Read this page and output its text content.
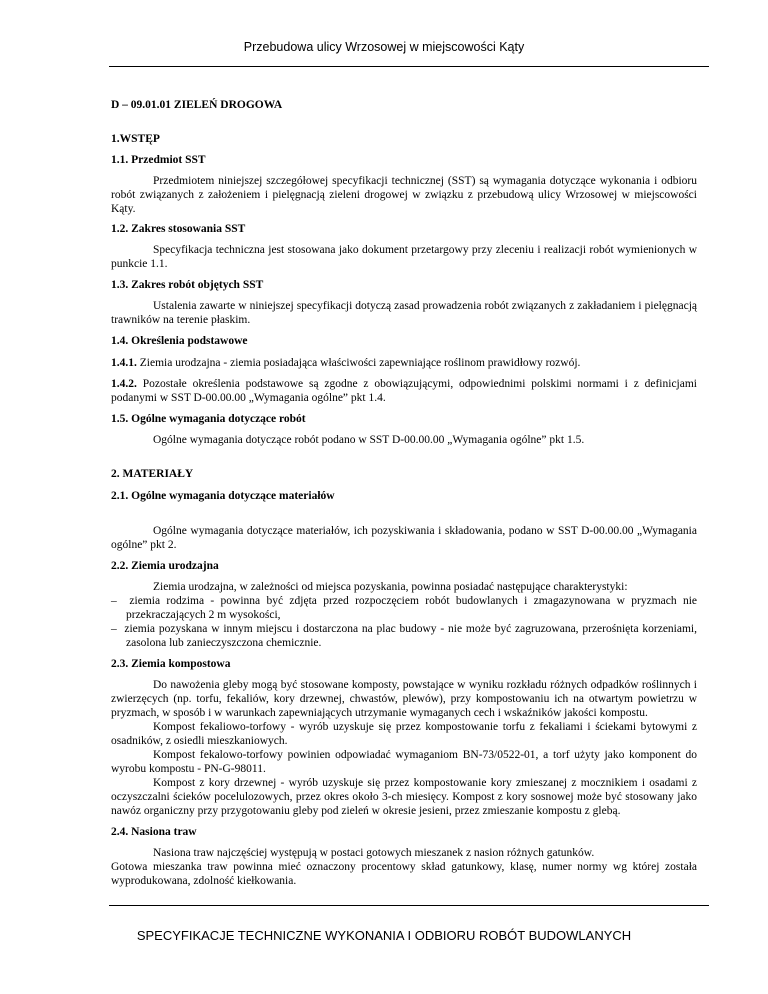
Przebudowa ulicy Wrzosowej w miejscowości Kąty

D – 09.01.01 ZIELEŃ DROGOWA

1.WSTĘP

1.1. Przedmiot SST

Przedmiotem niniejszej szczegółowej specyfikacji technicznej (SST) są wymagania dotyczące wykonania i odbioru robót związanych z założeniem i pielęgnacją zieleni drogowej w związku z przebudową ulicy Wrzosowej w miejscowości Kąty.

1.2. Zakres stosowania SST

Specyfikacja techniczna jest stosowana jako dokument przetargowy przy zleceniu i realizacji robót wymienionych w punkcie 1.1.

1.3. Zakres robót objętych SST

Ustalenia zawarte w niniejszej specyfikacji dotyczą zasad prowadzenia robót związanych z zakładaniem i pielęgnacją trawników na terenie płaskim.

1.4. Określenia podstawowe

1.4.1. Ziemia urodzajna - ziemia posiadająca właściwości zapewniające roślinom prawidłowy rozwój.

1.4.2. Pozostałe określenia podstawowe są zgodne z obowiązującymi, odpowiednimi polskimi normami i z definicjami podanymi w SST D-00.00.00 „Wymagania ogólne” pkt 1.4.

1.5. Ogólne wymagania dotyczące robót

Ogólne wymagania dotyczące robót podano w SST D-00.00.00 „Wymagania ogólne” pkt 1.5.

2. MATERIAŁY

2.1. Ogólne wymagania dotyczące materiałów

Ogólne wymagania dotyczące materiałów, ich pozyskiwania i składowania, podano w SST D-00.00.00 „Wymagania ogólne” pkt 2.

2.2. Ziemia urodzajna

Ziemia urodzajna, w zależności od miejsca pozyskania, powinna posiadać następujące charakterystyki:

–  ziemia rodzima - powinna być zdjęta przed rozpoczęciem robót budowlanych i zmagazynowana w pryzmach nie przekraczających 2 m wysokości,

–  ziemia pozyskana w innym miejscu i dostarczona na plac budowy - nie może być zagruzowana, przerośnięta korzeniami, zasolona lub zanieczyszczona chemicznie.

2.3. Ziemia kompostowa

Do nawożenia gleby mogą być stosowane komposty, powstające w wyniku rozkładu różnych odpadków roślinnych i zwierzęcych (np. torfu, fekaliów, kory drzewnej, chwastów, plewów), przy kompostowaniu ich na otwartym powietrzu w pryzmach, w sposób i w warunkach zapewniających utrzymanie wymaganych cech i wskaźników jakości kompostu.

Kompost fekaliowo-torfowy - wyrób uzyskuje się przez kompostowanie torfu z fekaliami i ściekami bytowymi z osadników, z osiedli mieszkaniowych.

Kompost fekalowo-torfowy powinien odpowiadać wymaganiom BN-73/0522-01, a torf użyty jako komponent do wyrobu kompostu - PN-G-98011.

Kompost z kory drzewnej - wyrób uzyskuje się przez kompostowanie kory zmieszanej z mocznikiem i osadami z oczyszczalni ścieków pocelulozowych, przez okres około 3-ch miesięcy. Kompost z kory sosnowej może być stosowany jako nawóz organiczny przy przygotowaniu gleby pod zieleń w okresie jesieni, przez zmieszanie kompostu z glebą.

2.4. Nasiona traw

Nasiona traw najczęściej występują w postaci gotowych mieszanek z nasion różnych gatunków.

Gotowa mieszanka traw powinna mieć oznaczony procentowy skład gatunkowy, klasę, numer normy wg której została wyprodukowana, zdolność kiełkowania.

SPECYFIKACJE TECHNICZNE WYKONANIA I ODBIORU ROBÓT BUDOWLANYCH
